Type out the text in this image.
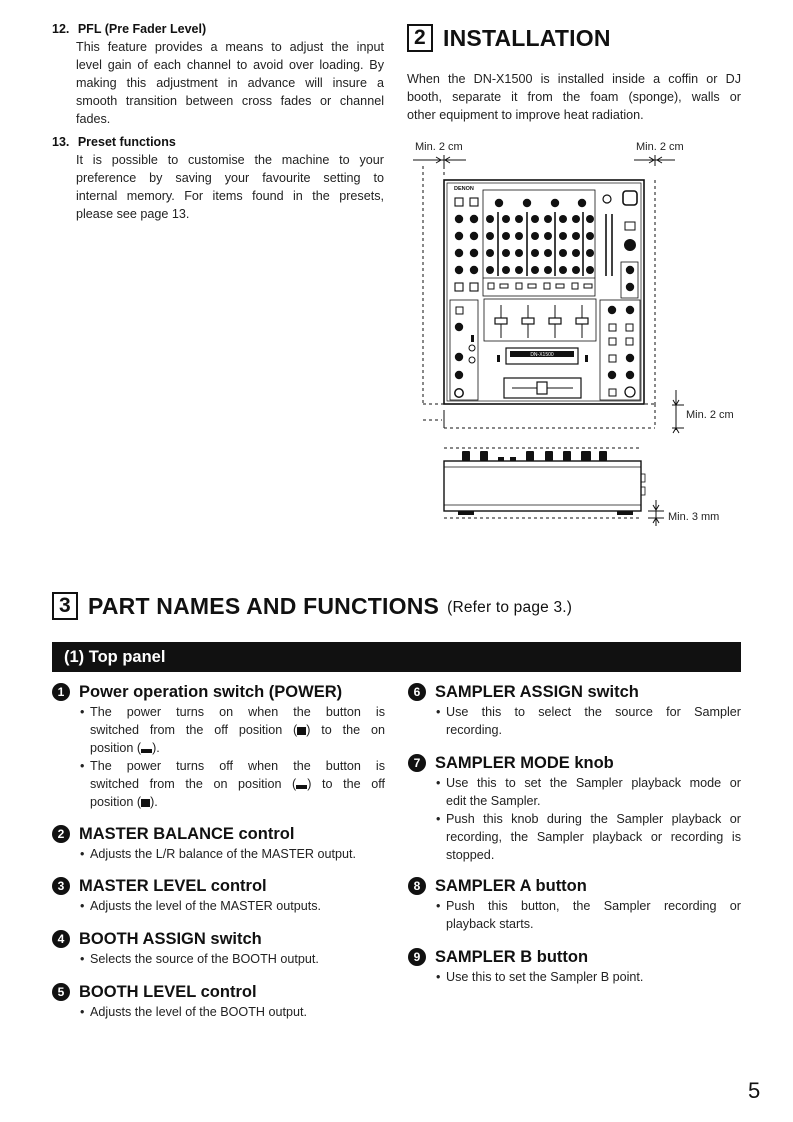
12. PFL (Pre Fader Level)
This feature provides a means to adjust the input
level gain of each channel to avoid over loading. By
making this adjustment in advance will insure a
smooth transition between cross fades or channel
fades.
13. Preset functions
It is possible to customise the machine to your
preference by saving your favourite setting to
internal memory. For items found in the presets,
please see page 13.
2 INSTALLATION
When the DN-X1500 is installed inside a coffin or DJ
booth, separate it from the foam (sponge), walls or
other equipment to improve heat radiation.
Min. 2 cm	Min. 2 cm
Min. 2 cm
Min. 3 mm
DENON
DN-X1500
3 PART NAMES AND FUNCTIONS (Refer to page 3.)
(1) Top panel
1 Power operation switch (POWER)
• The power turns on when the button is
switched from the off position ( ) to the on
position ( ).
• The power turns off when the button is
switched from the on position ( ) to the off
position ( ).
2 MASTER BALANCE control
• Adjusts the L/R balance of the MASTER output.
3 MASTER LEVEL control
• Adjusts the level of the MASTER outputs.
4 BOOTH ASSIGN switch
• Selects the source of the BOOTH output.
5 BOOTH LEVEL control
• Adjusts the level of the BOOTH output.
6 SAMPLER ASSIGN switch
• Use this to select the source for Sampler
recording.
7 SAMPLER MODE knob
• Use this to set the Sampler playback mode or
edit the Sampler.
• Push this knob during the Sampler playback or
recording, the Sampler playback or recording is
stopped.
8 SAMPLER A button
• Push this button, the Sampler recording or
playback starts.
9 SAMPLER B button
• Use this to set the Sampler B point.
5
